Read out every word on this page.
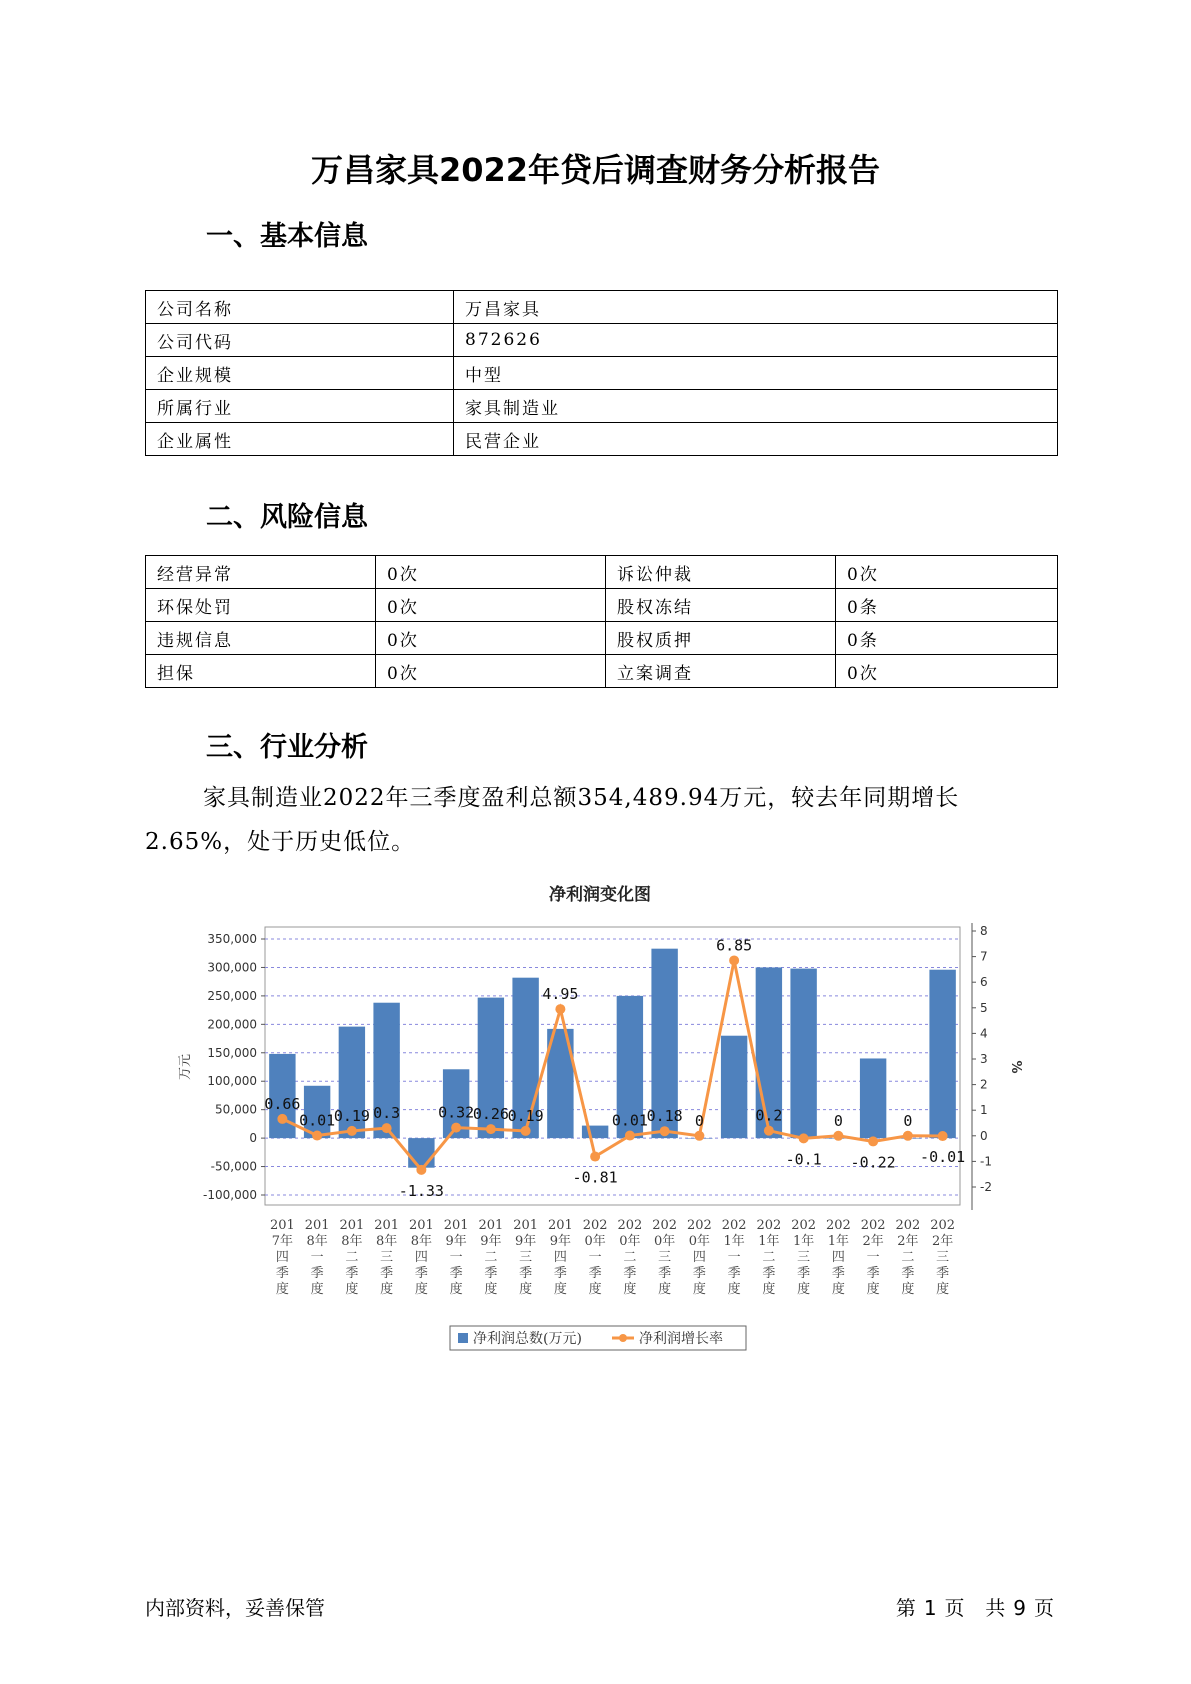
万昌家具2022年贷后调查财务分析报告
一、基本信息
公司名称	万昌家具
公司代码	872626
企业规模	中型
所属行业	家具制造业
企业属性	民营企业
二、风险信息
经营异常	0次	诉讼仲裁	0次
环保处罚	0次	股权冻结	0条
违规信息	0次	股权质押	0条
担保	0次	立案调查	0次
三、行业分析
家具制造业2022年三季度盈利总额354,489.94万元，较去年同期增长2.65%，处于历史低位。
净利润变化图
-100,000
-50,000
0
50,000
100,000
150,000
200,000
250,000
300,000
350,000
万元
-2
-1
0
1
2
3
4
5
6
7
8
%
0.66
0.01
0.19 0.3
-1.33
0.32
0.26
0.19
4.95
-0.81
0.01
0.18 0
6.85
0.2
-0.1
0
-0.22
0
-0.01
201 7年四季度
201 8年一季度
201 8年二季度
201 8年三季度
201 8年四季度
201 9年一季度
201 9年二季度
201 9年三季度
201 9年四季度
202 0年一季度
202 0年二季度
202 0年三季度
202 0年四季度
202 1年一季度
202 1年二季度
202 1年三季度
202 1年四季度
202 2年一季度
202 2年二季度
202 2年三季度
净利润总数(万元)	净利润增长率
内部资料，妥善保管	第 1 页 共 9 页
